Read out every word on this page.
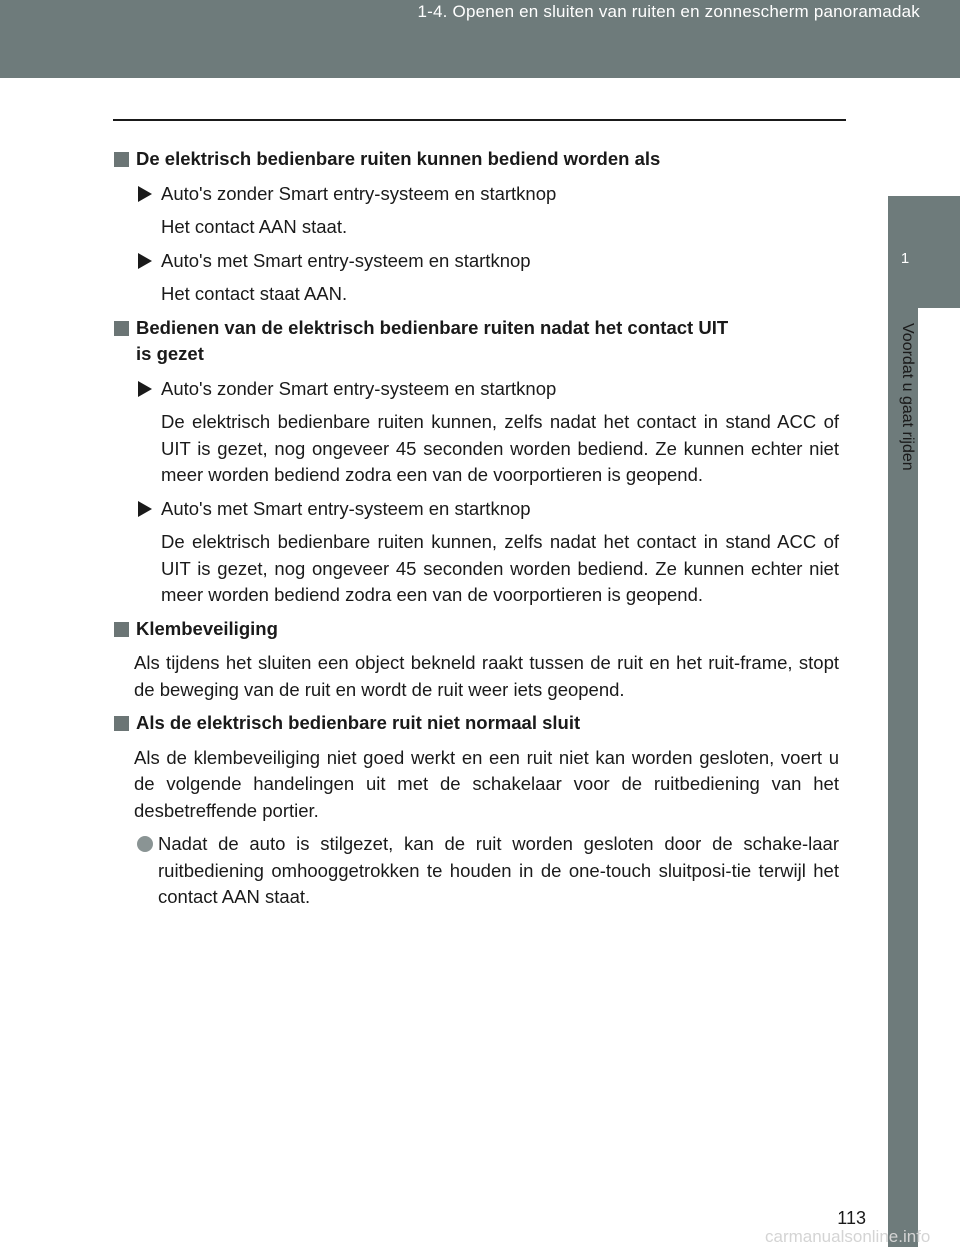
1-4. Openen en sluiten van ruiten en zonnescherm panoramadak
1
Voordat u gaat rijden
De elektrisch bedienbare ruiten kunnen bediend worden als
Auto's zonder Smart entry-systeem en startknop
Het contact AAN staat.
Auto's met Smart entry-systeem en startknop
Het contact staat AAN.
Bedienen van de elektrisch bedienbare ruiten nadat het contact UIT
is gezet
Auto's zonder Smart entry-systeem en startknop
De elektrisch bedienbare ruiten kunnen, zelfs nadat het contact in stand ACC of UIT is gezet, nog ongeveer 45 seconden worden bediend. Ze kunnen echter niet meer worden bediend zodra een van de voorportieren is geopend.
Auto's met Smart entry-systeem en startknop
De elektrisch bedienbare ruiten kunnen, zelfs nadat het contact in stand ACC of UIT is gezet, nog ongeveer 45 seconden worden bediend. Ze kunnen echter niet meer worden bediend zodra een van de voorportieren is geopend.
Klembeveiliging
Als tijdens het sluiten een object bekneld raakt tussen de ruit en het ruit-frame, stopt de beweging van de ruit en wordt de ruit weer iets geopend.
Als de elektrisch bedienbare ruit niet normaal sluit
Als de klembeveiliging niet goed werkt en een ruit niet kan worden gesloten, voert u de volgende handelingen uit met de schakelaar voor de ruitbediening van het desbetreffende portier.
Nadat de auto is stilgezet, kan de ruit worden gesloten door de schake-laar ruitbediening omhooggetrokken te houden in de one-touch sluitposi-tie terwijl het contact AAN staat.
113
carmanualsonline.info
